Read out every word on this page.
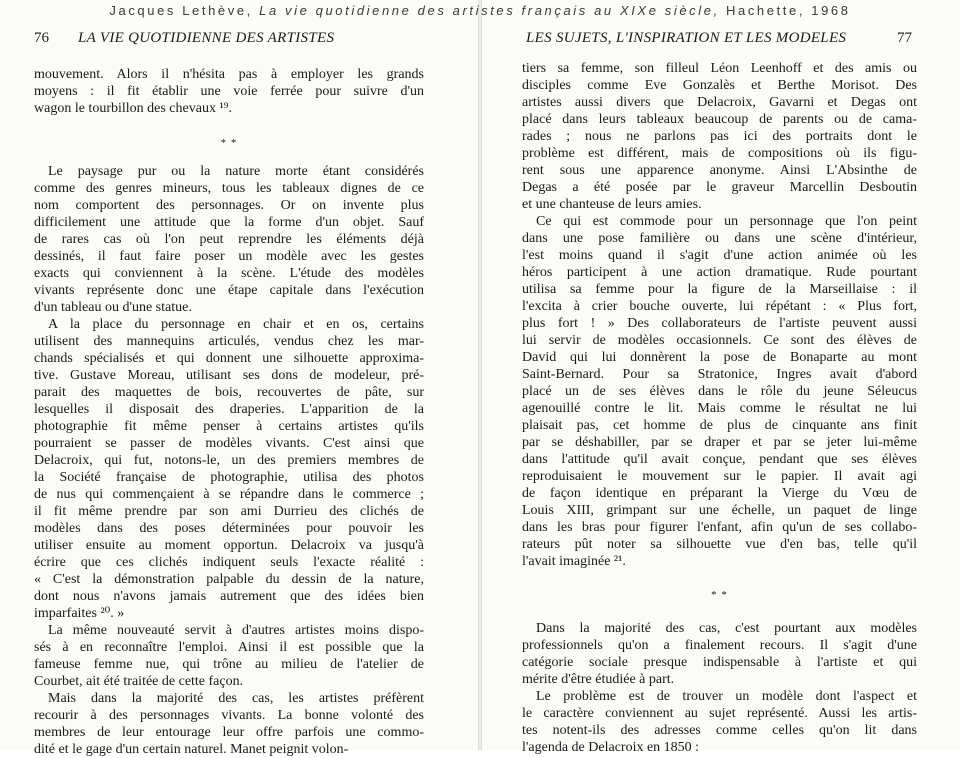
76 LA VIE QUOTIDIENNE DES ARTISTES
mouvement. Alors il n'hésita pas à employer les grands
moyens : il fit établir une voie ferrée pour suivre d'un
wagon le tourbillon des chevaux ¹⁹.
* *
Le paysage pur ou la nature morte étant considérés
comme des genres mineurs, tous les tableaux dignes de ce
nom comportent des personnages. Or on invente plus
difficilement une attitude que la forme d'un objet. Sauf
de rares cas où l'on peut reprendre les éléments déjà
dessinés, il faut faire poser un modèle avec les gestes
exacts qui conviennent à la scène. L'étude des modèles
vivants représente donc une étape capitale dans l'exécution
d'un tableau ou d'une statue.
A la place du personnage en chair et en os, certains
utilisent des mannequins articulés, vendus chez les mar-
chands spécialisés et qui donnent une silhouette approxima-
tive. Gustave Moreau, utilisant ses dons de modeleur, pré-
parait des maquettes de bois, recouvertes de pâte, sur
lesquelles il disposait des draperies. L'apparition de la
photographie fit même penser à certains artistes qu'ils
pourraient se passer de modèles vivants. C'est ainsi que
Delacroix, qui fut, notons-le, un des premiers membres de
la Société française de photographie, utilisa des photos
de nus qui commençaient à se répandre dans le commerce ;
il fit même prendre par son ami Durrieu des clichés de
modèles dans des poses déterminées pour pouvoir les
utiliser ensuite au moment opportun. Delacroix va jusqu'à
écrire que ces clichés indiquent seuls l'exacte réalité :
« C'est la démonstration palpable du dessin de la nature,
dont nous n'avons jamais autrement que des idées bien
imparfaites ²⁰. »
La même nouveauté servit à d'autres artistes moins dispo-
sés à en reconnaître l'emploi. Ainsi il est possible que la
fameuse femme nue, qui trône au milieu de l'atelier de
Courbet, ait été traitée de cette façon.
Mais dans la majorité des cas, les artistes préfèrent
recourir à des personnages vivants. La bonne volonté des
membres de leur entourage leur offre parfois une commo-
dité et le gage d'un certain naturel. Manet peignit volon-
LES SUJETS, L'INSPIRATION ET LES MODELES	77
tiers sa femme, son filleul Léon Leenhoff et des amis ou
disciples comme Eve Gonzalès et Berthe Morisot. Des
artistes aussi divers que Delacroix, Gavarni et Degas ont
placé dans leurs tableaux beaucoup de parents ou de cama-
rades ; nous ne parlons pas ici des portraits dont le
problème est différent, mais de compositions où ils figu-
rent sous une apparence anonyme. Ainsi L'Absinthe de
Degas a été posée par le graveur Marcellin Desboutin
et une chanteuse de leurs amies.
Ce qui est commode pour un personnage que l'on peint
dans une pose familière ou dans une scène d'intérieur,
l'est moins quand il s'agit d'une action animée où les
héros participent à une action dramatique. Rude pourtant
utilisa sa femme pour la figure de la Marseillaise : il
l'excita à crier bouche ouverte, lui répétant : « Plus fort,
plus fort ! » Des collaborateurs de l'artiste peuvent aussi
lui servir de modèles occasionnels. Ce sont des élèves de
David qui lui donnèrent la pose de Bonaparte au mont
Saint-Bernard. Pour sa Stratonice, Ingres avait d'abord
placé un de ses élèves dans le rôle du jeune Séleucus
agenouillé contre le lit. Mais comme le résultat ne lui
plaisait pas, cet homme de plus de cinquante ans finit
par se déshabiller, par se draper et par se jeter lui-même
dans l'attitude qu'il avait conçue, pendant que ses élèves
reproduisaient le mouvement sur le papier. Il avait agi
de façon identique en préparant la Vierge du Vœu de
Louis XIII, grimpant sur une échelle, un paquet de linge
dans les bras pour figurer l'enfant, afin qu'un de ses collabo-
rateurs pût noter sa silhouette vue d'en bas, telle qu'il
l'avait imaginée ²¹.
* *
Dans la majorité des cas, c'est pourtant aux modèles
professionnels qu'on a finalement recours. Il s'agit d'une
catégorie sociale presque indispensable à l'artiste et qui
mérite d'être étudiée à part.
Le problème est de trouver un modèle dont l'aspect et
le caractère conviennent au sujet représenté. Aussi les artis-
tes notent-ils des adresses comme celles qu'on lit dans
l'agenda de Delacroix en 1850 :
Jacques Lethève, La vie quotidienne des artistes français au XIXe siècle, Hachette, 1968
